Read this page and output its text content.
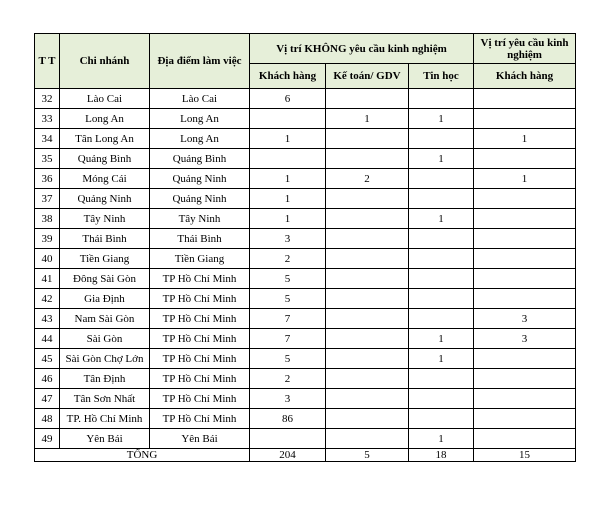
T T	Chi nhánh	Địa điểm làm việc	Vị trí KHÔNG yêu cầu kinh nghiệm			Vị trí yêu cầu kinh nghiệm
			Khách hàng	Kế toán/ GDV	Tin học	Khách hàng
32	Lào Cai	Lào Cai	6			
33	Long An	Long An		1	1	
34	Tân Long An	Long An	1			1
35	Quảng Bình	Quảng Bình			1	
36	Móng Cái	Quảng Ninh	1	2		1
37	Quảng Ninh	Quảng Ninh	1			
38	Tây Ninh	Tây Ninh	1		1	
39	Thái Bình	Thái Bình	3			
40	Tiền Giang	Tiền Giang	2			
41	Đông Sài Gòn	TP Hồ Chí Minh	5			
42	Gia Định	TP Hồ Chí Minh	5			
43	Nam Sài Gòn	TP Hồ Chí Minh	7			3
44	Sài Gòn	TP Hồ Chí Minh	7		1	3
45	Sài Gòn Chợ Lớn	TP Hồ Chí Minh	5		1	
46	Tân Định	TP Hồ Chí Minh	2			
47	Tân Sơn Nhất	TP Hồ Chí Minh	3			
48	TP. Hồ Chí Minh	TP Hồ Chí Minh	86			
49	Yên Bái	Yên Bái			1	
TỔNG			204	5	18	15
